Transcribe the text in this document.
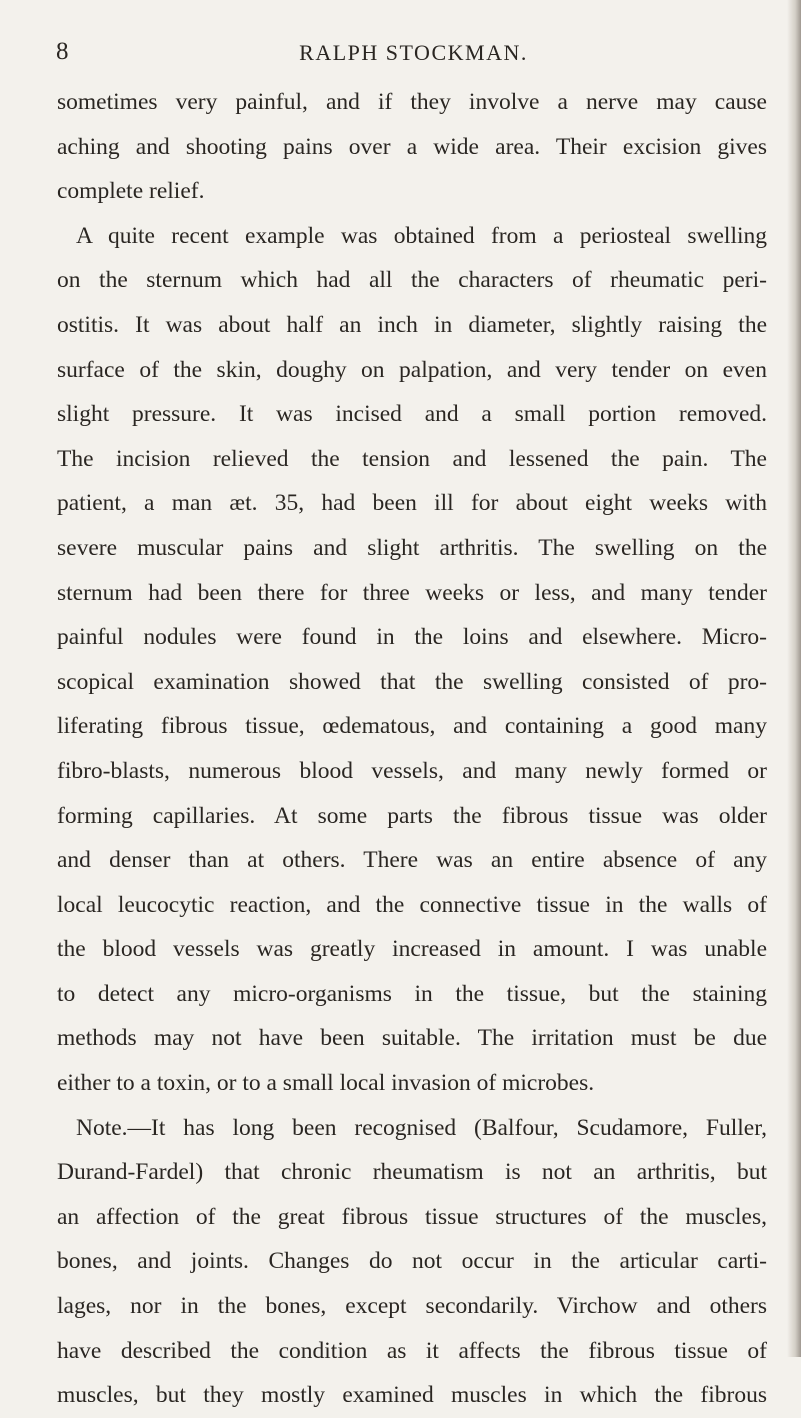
8	RALPH STOCKMAN.
sometimes very painful, and if they involve a nerve may cause
aching and shooting pains over a wide area. Their excision gives
complete relief.
A quite recent example was obtained from a periosteal swelling
on the sternum which had all the characters of rheumatic peri-
ostitis. It was about half an inch in diameter, slightly raising the
surface of the skin, doughy on palpation, and very tender on even
slight pressure. It was incised and a small portion removed.
The incision relieved the tension and lessened the pain. The
patient, a man æt. 35, had been ill for about eight weeks with
severe muscular pains and slight arthritis. The swelling on the
sternum had been there for three weeks or less, and many tender
painful nodules were found in the loins and elsewhere. Micro-
scopical examination showed that the swelling consisted of pro-
liferating fibrous tissue, œdematous, and containing a good many
fibro-blasts, numerous blood vessels, and many newly formed or
forming capillaries. At some parts the fibrous tissue was older
and denser than at others. There was an entire absence of any
local leucocytic reaction, and the connective tissue in the walls of
the blood vessels was greatly increased in amount. I was unable
to detect any micro-organisms in the tissue, but the staining
methods may not have been suitable. The irritation must be due
either to a toxin, or to a small local invasion of microbes.
Note.—It has long been recognised (Balfour, Scudamore, Fuller,
Durand-Fardel) that chronic rheumatism is not an arthritis, but
an affection of the great fibrous tissue structures of the muscles,
bones, and joints. Changes do not occur in the articular carti-
lages, nor in the bones, except secondarily. Virchow and others
have described the condition as it affects the fibrous tissue of
muscles, but they mostly examined muscles in which the fibrous
